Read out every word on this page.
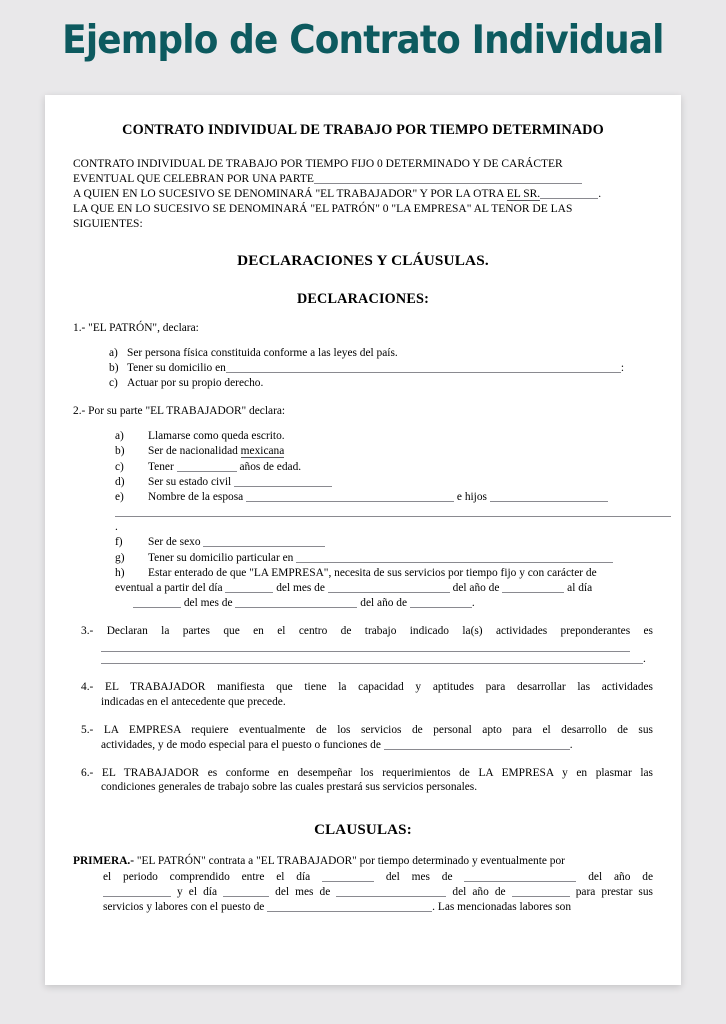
Ejemplo de Contrato Individual
CONTRATO INDIVIDUAL DE TRABAJO POR TIEMPO DETERMINADO
CONTRATO INDIVIDUAL DE TRABAJO POR TIEMPO FIJO 0 DETERMINADO Y DE CARÁCTER
EVENTUAL QUE CELEBRAN POR UNA PARTE
A QUIEN EN LO SUCESIVO SE DENOMINARÁ "EL TRABAJADOR" Y POR LA OTRA EL SR.	.
LA QUE EN LO SUCESIVO SE DENOMINARÁ "EL PATRÓN" 0 "LA EMPRESA" AL TENOR DE LAS
SIGUIENTES:
DECLARACIONES Y CLÁUSULAS.
DECLARACIONES:
1.- "EL PATRÓN", declara:
a) Ser persona física constituida conforme a las leyes del país.
b) Tener su domicilio en	:
c) Actuar por su propio derecho.
2.- Por su parte "EL TRABAJADOR" declara:
a) Llamarse como queda escrito.
b) Ser de nacionalidad mexicana
c) Tener	años de edad.
d) Ser su estado civil
e) Nombre de la esposa	e hijos
.
f) Ser de sexo
g) Tener su domicilio particular en
h) Estar enterado de que "LA EMPRESA", necesita de sus servicios por tiempo fijo y con carácter de
eventual a partir del día	del mes de	del año de	al día
del mes de	del año de	.
3.- Declaran la partes que en el centro de trabajo indicado la(s) actividades preponderantes es
.
4.- EL TRABAJADOR manifiesta que tiene la capacidad y aptitudes para desarrollar las actividades
indicadas en el antecedente que precede.
5.- LA EMPRESA requiere eventualmente de los servicios de personal apto para el desarrollo de sus
actividades, y de modo especial para el puesto o funciones de	.
6.- EL TRABAJADOR es conforme en desempeñar los requerimientos de LA EMPRESA y en plasmar las
condiciones generales de trabajo sobre las cuales prestará sus servicios personales.
CLAUSULAS:
PRIMERA.- "EL PATRÓN" contrata a "EL TRABAJADOR" por tiempo determinado y eventualmente por
el periodo comprendido entre el día	del mes de	del año de
y el día	del mes de	del año de	para prestar sus
servicios y labores con el puesto de	. Las mencionadas labores son
